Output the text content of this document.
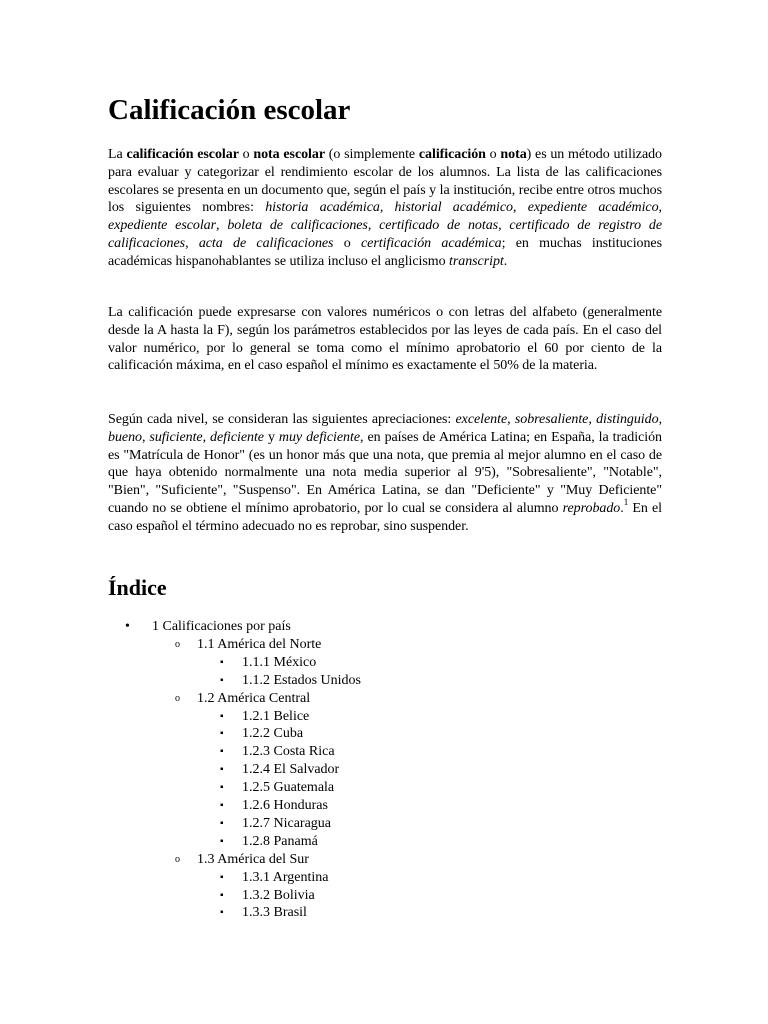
Calificación escolar

La calificación escolar o nota escolar (o simplemente calificación o nota) es un método utilizado para evaluar y categorizar el rendimiento escolar de los alumnos. La lista de las calificaciones escolares se presenta en un documento que, según el país y la institución, recibe entre otros muchos los siguientes nombres: historia académica, historial académico, expediente académico, expediente escolar, boleta de calificaciones, certificado de notas, certificado de registro de calificaciones, acta de calificaciones o certificación académica; en muchas instituciones académicas hispanohablantes se utiliza incluso el anglicismo transcript.

La calificación puede expresarse con valores numéricos o con letras del alfabeto (generalmente desde la A hasta la F), según los parámetros establecidos por las leyes de cada país. En el caso del valor numérico, por lo general se toma como el mínimo aprobatorio el 60 por ciento de la calificación máxima, en el caso español el mínimo es exactamente el 50% de la materia.

Según cada nivel, se consideran las siguientes apreciaciones: excelente, sobresaliente, distinguido, bueno, suficiente, deficiente y muy deficiente, en países de América Latina; en España, la tradición es "Matrícula de Honor" (es un honor más que una nota, que premia al mejor alumno en el caso de que haya obtenido normalmente una nota media superior al 9'5), "Sobresaliente", "Notable", "Bien", "Suficiente", "Suspenso". En América Latina, se dan "Deficiente" y "Muy Deficiente" cuando no se obtiene el mínimo aprobatorio, por lo cual se considera al alumno reprobado.$^1$ En el caso español el término adecuado no es reprobar, sino suspender.

Índice
• 1 Calificaciones por país
o 1.1 América del Norte
▪ 1.1.1 México
▪ 1.1.2 Estados Unidos
o 1.2 América Central
▪ 1.2.1 Belice
▪ 1.2.2 Cuba
▪ 1.2.3 Costa Rica
▪ 1.2.4 El Salvador
▪ 1.2.5 Guatemala
▪ 1.2.6 Honduras
▪ 1.2.7 Nicaragua
▪ 1.2.8 Panamá
o 1.3 América del Sur
▪ 1.3.1 Argentina
▪ 1.3.2 Bolivia
▪ 1.3.3 Brasil
